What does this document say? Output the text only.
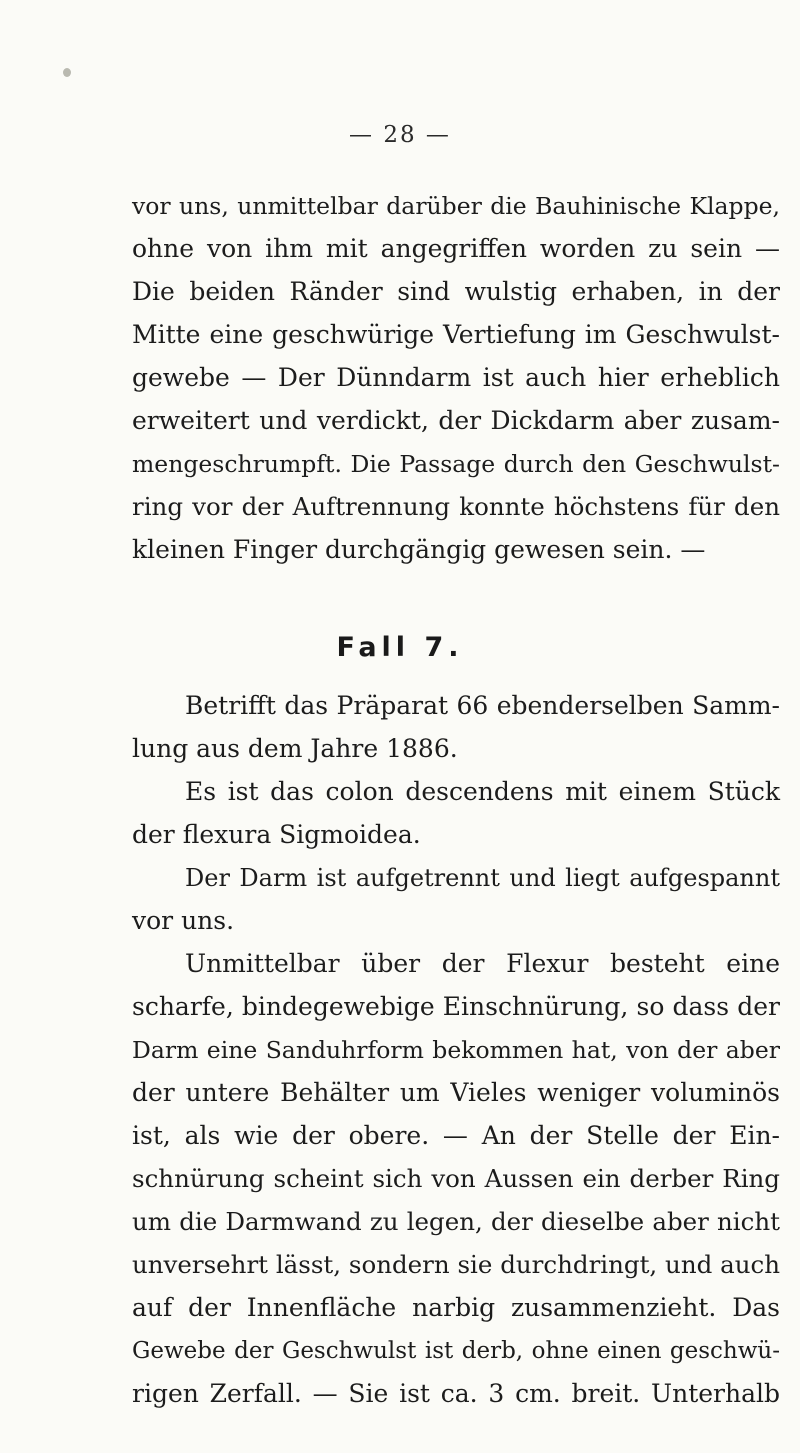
— 28 —
vor uns, unmittelbar darüber die Bauhinische Klappe,
ohne von ihm mit angegriffen worden zu sein —
Die beiden Ränder sind wulstig erhaben, in der
Mitte eine geschwürige Vertiefung im Geschwulst-
gewebe — Der Dünndarm ist auch hier erheblich
erweitert und verdickt, der Dickdarm aber zusam-
mengeschrumpft. Die Passage durch den Geschwulst-
ring vor der Auftrennung konnte höchstens für den
kleinen Finger durchgängig gewesen sein. —
Fall 7.
Betrifft das Präparat 66 ebenderselben Samm-
lung aus dem Jahre 1886.
Es ist das colon descendens mit einem Stück
der flexura Sigmoidea.
Der Darm ist aufgetrennt und liegt aufgespannt
vor uns.
Unmittelbar über der Flexur besteht eine
scharfe, bindegewebige Einschnürung, so dass der
Darm eine Sanduhrform bekommen hat, von der aber
der untere Behälter um Vieles weniger voluminös
ist, als wie der obere. — An der Stelle der Ein-
schnürung scheint sich von Aussen ein derber Ring
um die Darmwand zu legen, der dieselbe aber nicht
unversehrt lässt, sondern sie durchdringt, und auch
auf der Innenfläche narbig zusammenzieht. Das
Gewebe der Geschwulst ist derb, ohne einen geschwü-
rigen Zerfall. — Sie ist ca. 3 cm. breit. Unterhalb
